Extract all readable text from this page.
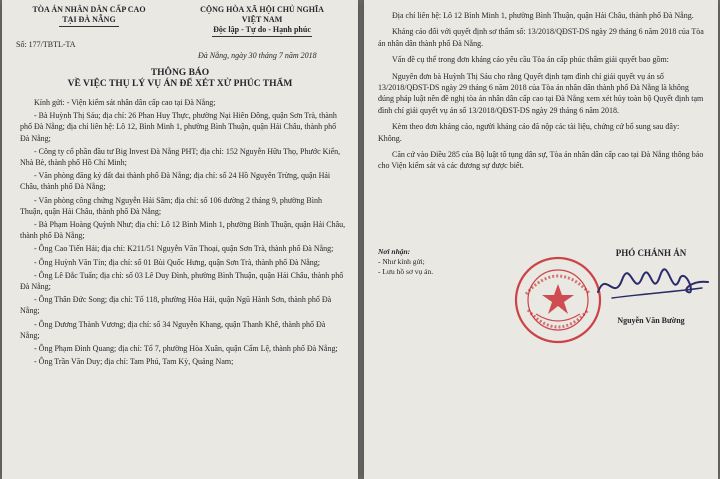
TÒA ÁN NHÂN DÂN CẤP CAO
TẠI ĐÀ NẴNG
CỘNG HÒA XÃ HỘI CHỦ NGHĨA
VIỆT NAM
Độc lập - Tự do - Hạnh phúc
Số: 177/TBTL-TA
Đà Nẵng, ngày 30 tháng 7 năm 2018
THÔNG BÁO
VỀ VIỆC THỤ LÝ VỤ ÁN ĐỂ XÉT XỬ PHÚC THẨM

Kính gửi: - Viện kiểm sát nhân dân cấp cao tại Đà Nẵng;

- Bà Huỳnh Thị Sáu; địa chỉ: 26 Phan Huy Thực, phường Nại Hiên Đông, quận Sơn Trà, thành phố Đà Nẵng; địa chỉ liên hệ: Lô 12, Bình Minh 1, phường Bình Thuận, quận Hải Châu, thành phố Đà Nẵng;

- Công ty cổ phần đầu tư Big Invest Đà Nẵng PHT; địa chỉ: 152 Nguyễn Hữu Thọ, Phước Kiển, Nhà Bè, thành phố Hồ Chí Minh;

- Văn phòng đăng ký đất đai thành phố Đà Nẵng; địa chỉ: số 24 Hồ Nguyên Trừng, quận Hải Châu, thành phố Đà Nẵng;

- Văn phòng công chứng Nguyễn Hải Sâm; địa chỉ: số 106 đường 2 tháng 9, phường Bình Thuận, quận Hải Châu, thành phố Đà Nẵng;

- Bà Phạm Hoàng Quỳnh Như; địa chỉ: Lô 12 Bình Minh 1, phường Bình Thuận, quận Hải Châu, thành phố Đà Nẵng;

- Ông Cao Tiến Hải; địa chỉ: K211/51 Nguyễn Văn Thoại, quận Sơn Trà, thành phố Đà Nẵng;

- Ông Huỳnh Văn Tín; địa chỉ: số 01 Bùi Quốc Hưng, quận Sơn Trà, thành phố Đà Nẵng;

- Ông Lê Đắc Tuấn; địa chỉ: số 03 Lê Duy Đình, phường Bình Thuận, quận Hải Châu, thành phố Đà Nẵng;

- Ông Thân Đức Song; địa chỉ: Tổ 118, phường Hòa Hải, quận Ngũ Hành Sơn, thành phố Đà Nẵng;

- Ông Dương Thành Vương; địa chỉ: số 34 Nguyễn Khang, quận Thanh Khê, thành phố Đà Nẵng;

- Ông Phạm Đình Quang; địa chỉ: Tổ 7, phường Hòa Xuân, quận Cẩm Lệ, thành phố Đà Nẵng;

- Ông Trần Văn Duy; địa chỉ: Tam Phú, Tam Kỳ, Quảng Nam;

Địa chỉ liên hệ: Lô 12 Bình Minh 1, phường Bình Thuận, quận Hải Châu, thành phố Đà Nẵng.

Kháng cáo đối với quyết định sơ thẩm số: 13/2018/QĐST-DS ngày 29 tháng 6 năm 2018 của Tòa án nhân dân thành phố Đà Nẵng.

Vấn đề cụ thể trong đơn kháng cáo yêu cầu Tòa án cấp phúc thẩm giải quyết bao gồm:

Nguyên đơn bà Huỳnh Thị Sáu cho rằng Quyết định tạm đình chỉ giải quyết vụ án số 13/2018/QĐST-DS ngày 29 tháng 6 năm 2018 của Tòa án nhân dân thành phố Đà Nẵng là không đúng pháp luật nên đề nghị tòa án nhân dân cấp cao tại Đà Nẵng xem xét hủy toàn bộ Quyết định tạm đình chỉ giải quyết vụ án số 13/2018/QĐST-DS ngày 29 tháng 6 năm 2018.

Kèm theo đơn kháng cáo, người kháng cáo đã nộp các tài liệu, chứng cứ bổ sung sau đây: Không.

Căn cứ vào Điều 285 của Bộ luật tố tụng dân sự, Tòa án nhân dân cấp cao tại Đà Nẵng thông báo cho Viện kiểm sát và các đương sự được biết.

Nơi nhận:
- Như kính gửi;
- Lưu hồ sơ vụ án.
PHÓ CHÁNH ÁN
Nguyễn Văn Bường
